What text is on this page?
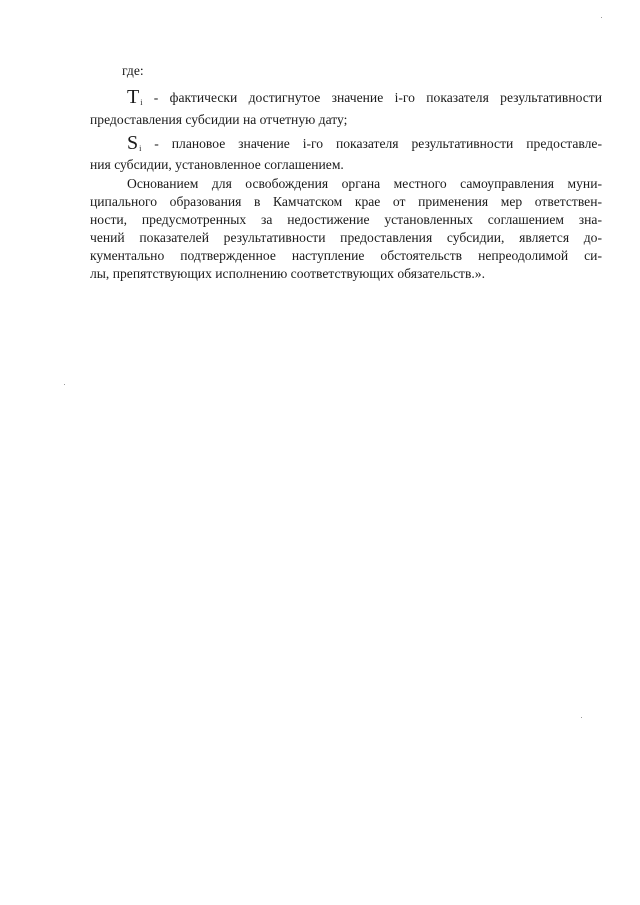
где:
$T_i$ - фактически достигнутое значение i-го показателя результативности
предоставления субсидии на отчетную дату;
$S_i$ - плановое значение i-го показателя результативности предоставле-
ния субсидии, установленное соглашением.
Основанием для освобождения органа местного самоуправления муни-
ципального образования в Камчатском крае от применения мер ответствен-
ности, предусмотренных за недостижение установленных соглашением зна-
чений показателей результативности предоставления субсидии, является до-
кументально подтвержденное наступление обстоятельств непреодолимой си-
лы, препятствующих исполнению соответствующих обязательств.».
